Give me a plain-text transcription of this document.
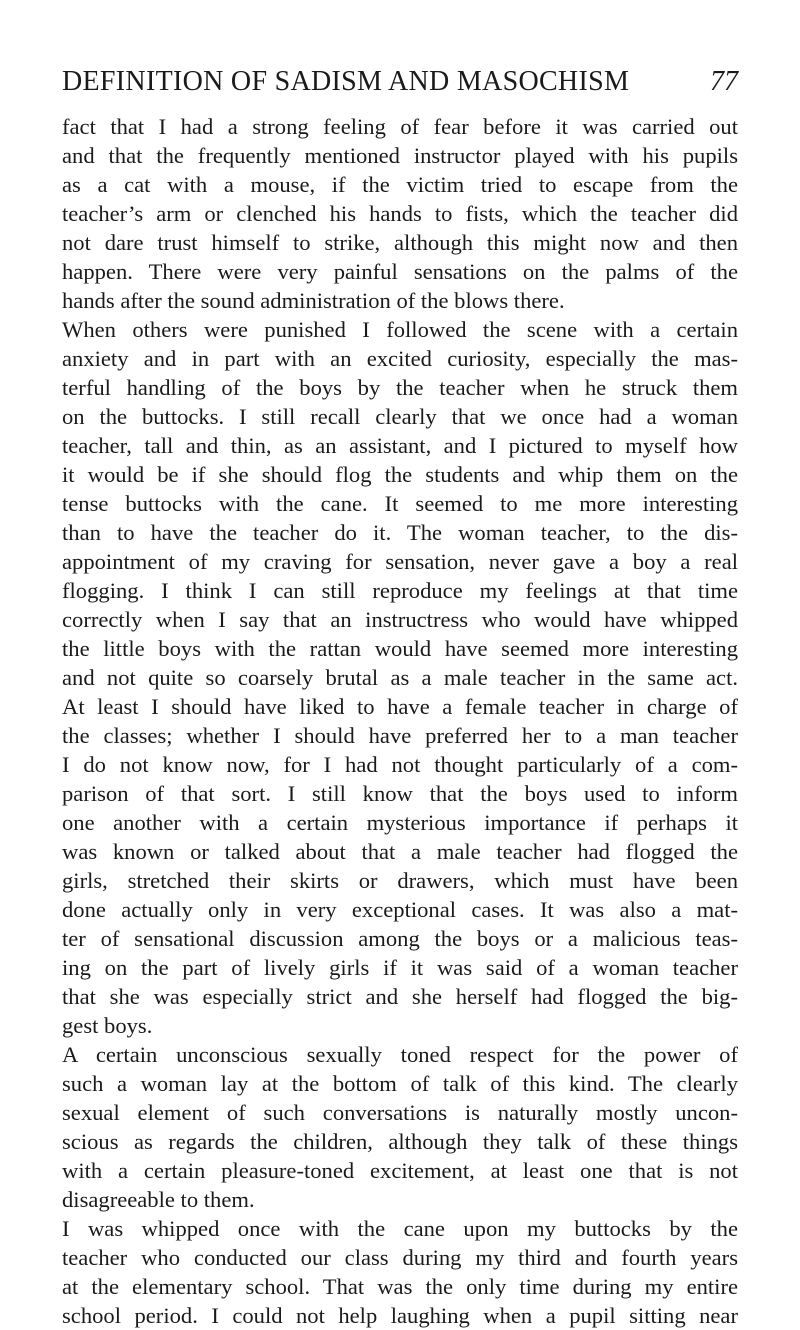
DEFINITION OF SADISM AND MASOCHISM	77
fact that I had a strong feeling of fear before it was carried out
and that the frequently mentioned instructor played with his pupils
as a cat with a mouse, if the victim tried to escape from the
teacher’s arm or clenched his hands to fists, which the teacher did
not dare trust himself to strike, although this might now and then
happen. There were very painful sensations on the palms of the
hands after the sound administration of the blows there.
When others were punished I followed the scene with a certain
anxiety and in part with an excited curiosity, especially the mas-
terful handling of the boys by the teacher when he struck them
on the buttocks. I still recall clearly that we once had a woman
teacher, tall and thin, as an assistant, and I pictured to myself how
it would be if she should flog the students and whip them on the
tense buttocks with the cane. It seemed to me more interesting
than to have the teacher do it. The woman teacher, to the dis-
appointment of my craving for sensation, never gave a boy a real
flogging. I think I can still reproduce my feelings at that time
correctly when I say that an instructress who would have whipped
the little boys with the rattan would have seemed more interesting
and not quite so coarsely brutal as a male teacher in the same act.
At least I should have liked to have a female teacher in charge of
the classes; whether I should have preferred her to a man teacher
I do not know now, for I had not thought particularly of a com-
parison of that sort. I still know that the boys used to inform
one another with a certain mysterious importance if perhaps it
was known or talked about that a male teacher had flogged the
girls, stretched their skirts or drawers, which must have been
done actually only in very exceptional cases. It was also a mat-
ter of sensational discussion among the boys or a malicious teas-
ing on the part of lively girls if it was said of a woman teacher
that she was especially strict and she herself had flogged the big-
gest boys.
A certain unconscious sexually toned respect for the power of
such a woman lay at the bottom of talk of this kind. The clearly
sexual element of such conversations is naturally mostly uncon-
scious as regards the children, although they talk of these things
with a certain pleasure-toned excitement, at least one that is not
disagreeable to them.
I was whipped once with the cane upon my buttocks by the
teacher who conducted our class during my third and fourth years
at the elementary school. That was the only time during my entire
school period. I could not help laughing when a pupil sitting near
